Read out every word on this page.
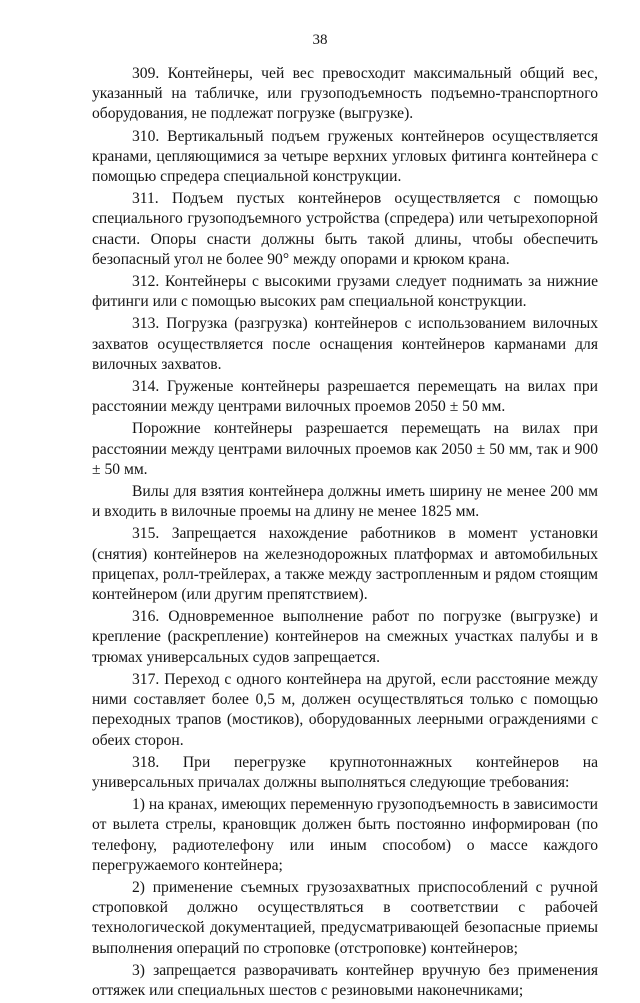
38

309. Контейнеры, чей вес превосходит максимальный общий вес, указанный на табличке, или грузоподъемность подъемно-транспортного оборудования, не подлежат погрузке (выгрузке).

310. Вертикальный подъем груженых контейнеров осуществляется кранами, цепляющимися за четыре верхних угловых фитинга контейнера с помощью спредера специальной конструкции.

311. Подъем пустых контейнеров осуществляется с помощью специального грузоподъемного устройства (спредера) или четырехопорной снасти. Опоры снасти должны быть такой длины, чтобы обеспечить безопасный угол не более 90° между опорами и крюком крана.

312. Контейнеры с высокими грузами следует поднимать за нижние фитинги или с помощью высоких рам специальной конструкции.

313. Погрузка (разгрузка) контейнеров с использованием вилочных захватов осуществляется после оснащения контейнеров карманами для вилочных захватов.

314. Груженые контейнеры разрешается перемещать на вилах при расстоянии между центрами вилочных проемов 2050 ± 50 мм.

Порожние контейнеры разрешается перемещать на вилах при расстоянии между центрами вилочных проемов как 2050 ± 50 мм, так и 900 ± 50 мм.

Вилы для взятия контейнера должны иметь ширину не менее 200 мм и входить в вилочные проемы на длину не менее 1825 мм.

315. Запрещается нахождение работников в момент установки (снятия) контейнеров на железнодорожных платформах и автомобильных прицепах, ролл-трейлерах, а также между застропленным и рядом стоящим контейнером (или другим препятствием).

316. Одновременное выполнение работ по погрузке (выгрузке) и крепление (раскрепление) контейнеров на смежных участках палубы и в трюмах универсальных судов запрещается.

317. Переход с одного контейнера на другой, если расстояние между ними составляет более 0,5 м, должен осуществляться только с помощью переходных трапов (мостиков), оборудованных леерными ограждениями с обеих сторон.

318. При перегрузке крупнотоннажных контейнеров на универсальных причалах должны выполняться следующие требования:

1) на кранах, имеющих переменную грузоподъемность в зависимости от вылета стрелы, крановщик должен быть постоянно информирован (по телефону, радиотелефону или иным способом) о массе каждого перегружаемого контейнера;

2) применение съемных грузозахватных приспособлений с ручной строповкой должно осуществляться в соответствии с рабочей технологической документацией, предусматривающей безопасные приемы выполнения операций по строповке (отстроповке) контейнеров;

3) запрещается разворачивать контейнер вручную без применения оттяжек или специальных шестов с резиновыми наконечниками;
